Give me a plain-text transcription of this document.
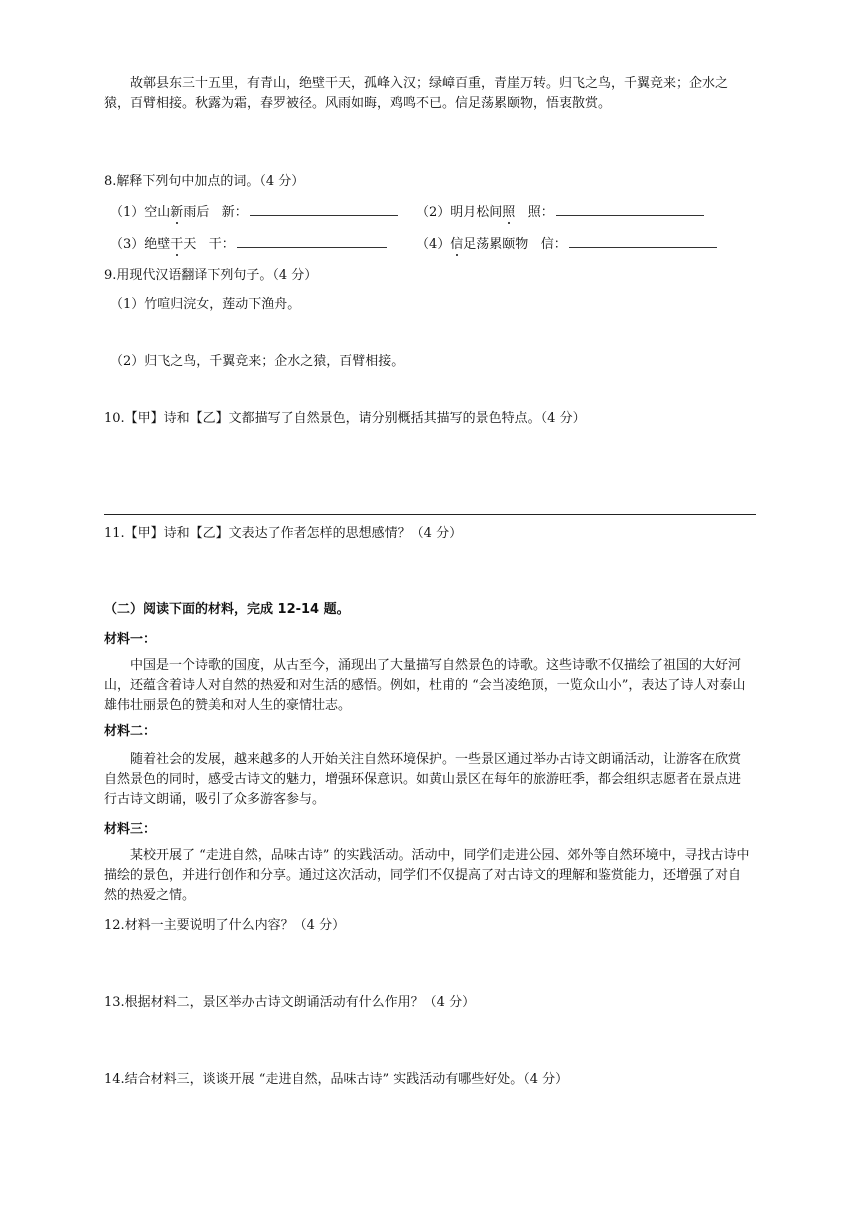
故鄣县东三十五里，有青山，绝壁干天，孤峰入汉；绿嶂百重，青崖万转。归飞之鸟，千翼竞来；企水之猿，百臂相接。秋露为霜，春罗被径。风雨如晦，鸡鸣不已。信足荡累颐物，悟衷散赏。
8.解释下列句中加点的词。（4 分）
（1）空山新雨后 新：	（2）明月松间照 照：
（3）绝壁干天 干：	（4）信足荡累颐物 信：
9.用现代汉语翻译下列句子。（4 分）
（1）竹喧归浣女，莲动下渔舟。
（2）归飞之鸟，千翼竞来；企水之猿，百臂相接。
10.【甲】诗和【乙】文都描写了自然景色，请分别概括其描写的景色特点。（4 分）
11.【甲】诗和【乙】文表达了作者怎样的思想感情？（4 分）
（二）阅读下面的材料，完成 12-14 题。
材料一：
中国是一个诗歌的国度，从古至今，涌现出了大量描写自然景色的诗歌。这些诗歌不仅描绘了祖国的大好河山，还蕴含着诗人对自然的热爱和对生活的感悟。例如，杜甫的 “会当凌绝顶，一览众山小”，表达了诗人对泰山雄伟壮丽景色的赞美和对人生的豪情壮志。
材料二：
随着社会的发展，越来越多的人开始关注自然环境保护。一些景区通过举办古诗文朗诵活动，让游客在欣赏自然景色的同时，感受古诗文的魅力，增强环保意识。如黄山景区在每年的旅游旺季，都会组织志愿者在景点进行古诗文朗诵，吸引了众多游客参与。
材料三：
某校开展了 “走进自然，品味古诗” 的实践活动。活动中，同学们走进公园、郊外等自然环境中，寻找古诗中描绘的景色，并进行创作和分享。通过这次活动，同学们不仅提高了对古诗文的理解和鉴赏能力，还增强了对自然的热爱之情。
12.材料一主要说明了什么内容？（4 分）
13.根据材料二，景区举办古诗文朗诵活动有什么作用？（4 分）
14.结合材料三，谈谈开展 “走进自然，品味古诗” 实践活动有哪些好处。（4 分）
